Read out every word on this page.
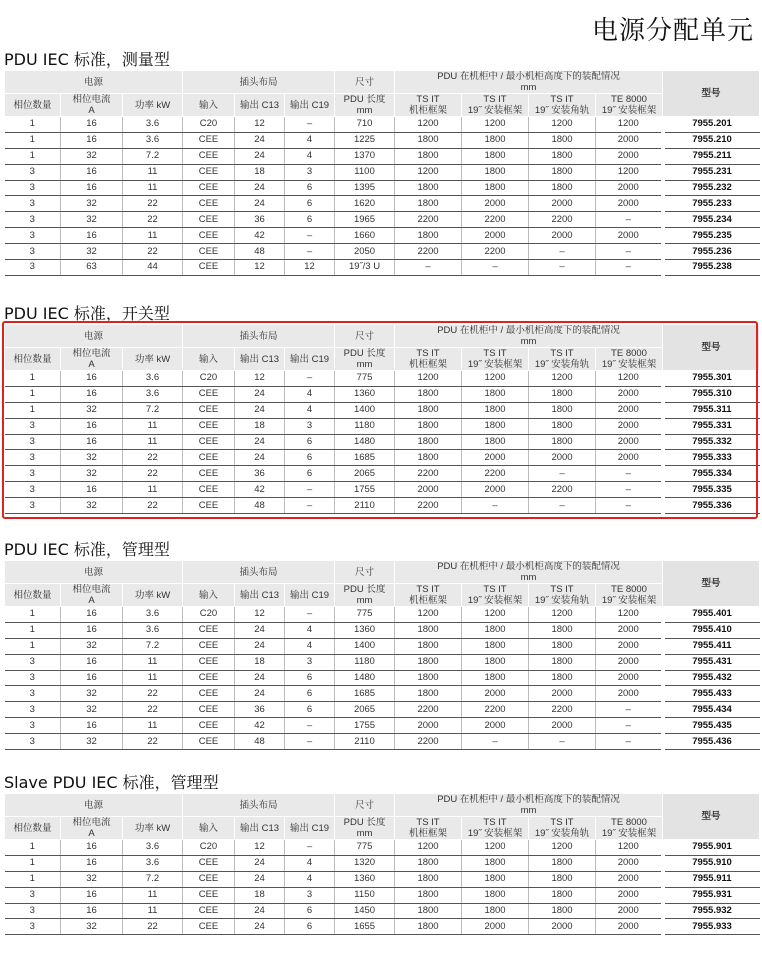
电源分配单元
PDU IEC 标准，测量型
电源			插头布局			尺寸	PDU 在机柜中 / 最小机柜高度下的装配情况
mm				型号
相位数量	相位电流
A	功率 kW	输入	输出 C13	输出 C19	PDU 长度
mm	TS IT
机柜框架	TS IT
19˝ 安装框架	TS IT
19˝ 安装角轨	TE 8000
19˝ 安装框架	

1	16	3.6	C20	12	–	710	1200	1200	1200	1200	7955.201
1	16	3.6	CEE	24	4	1225	1800	1800	1800	2000	7955.210
1	32	7.2	CEE	24	4	1370	1800	1800	1800	2000	7955.211
3	16	11	CEE	18	3	1100	1200	1800	1800	1200	7955.231
3	16	11	CEE	24	6	1395	1800	1800	1800	2000	7955.232
3	32	22	CEE	24	6	1620	1800	2000	2000	2000	7955.233
3	32	22	CEE	36	6	1965	2200	2200	2200	–	7955.234
3	16	11	CEE	42	–	1660	1800	2000	2000	2000	7955.235
3	32	22	CEE	48	–	2050	2200	2200	–	–	7955.236
3	63	44	CEE	12	12	19˝/3 U	–	–	–	–	7955.238
PDU IEC 标准，开关型
电源			插头布局			尺寸	PDU 在机柜中 / 最小机柜高度下的装配情况
mm				型号
相位数量	相位电流
A	功率 kW	输入	输出 C13	输出 C19	PDU 长度
mm	TS IT
机柜框架	TS IT
19˝ 安装框架	TS IT
19˝ 安装角轨	TE 8000
19˝ 安装框架	

1	16	3.6	C20	12	–	775	1200	1200	1200	1200	7955.301
1	16	3.6	CEE	24	4	1360	1800	1800	1800	2000	7955.310
1	32	7.2	CEE	24	4	1400	1800	1800	1800	2000	7955.311
3	16	11	CEE	18	3	1180	1800	1800	1800	2000	7955.331
3	16	11	CEE	24	6	1480	1800	1800	1800	2000	7955.332
3	32	22	CEE	24	6	1685	1800	2000	2000	2000	7955.333
3	32	22	CEE	36	6	2065	2200	2200	–	–	7955.334
3	16	11	CEE	42	–	1755	2000	2000	2200	–	7955.335
3	32	22	CEE	48	–	2110	2200	–	–	–	7955.336
PDU IEC 标准，管理型
电源			插头布局			尺寸	PDU 在机柜中 / 最小机柜高度下的装配情况
mm				型号
相位数量	相位电流
A	功率 kW	输入	输出 C13	输出 C19	PDU 长度
mm	TS IT
机柜框架	TS IT
19˝ 安装框架	TS IT
19˝ 安装角轨	TE 8000
19˝ 安装框架	

1	16	3.6	C20	12	–	775	1200	1200	1200	1200	7955.401
1	16	3.6	CEE	24	4	1360	1800	1800	1800	2000	7955.410
1	32	7.2	CEE	24	4	1400	1800	1800	1800	2000	7955.411
3	16	11	CEE	18	3	1180	1800	1800	1800	2000	7955.431
3	16	11	CEE	24	6	1480	1800	1800	1800	2000	7955.432
3	32	22	CEE	24	6	1685	1800	2000	2000	2000	7955.433
3	32	22	CEE	36	6	2065	2200	2200	2200	–	7955.434
3	16	11	CEE	42	–	1755	2000	2000	2000	–	7955.435
3	32	22	CEE	48	–	2110	2200	–	–	–	7955.436
Slave PDU IEC 标准，管理型
电源			插头布局			尺寸	PDU 在机柜中 / 最小机柜高度下的装配情况
mm				型号
相位数量	相位电流
A	功率 kW	输入	输出 C13	输出 C19	PDU 长度
mm	TS IT
机柜框架	TS IT
19˝ 安装框架	TS IT
19˝ 安装角轨	TE 8000
19˝ 安装框架	

1	16	3.6	C20	12	–	775	1200	1200	1200	1200	7955.901
1	16	3.6	CEE	24	4	1320	1800	1800	1800	2000	7955.910
1	32	7.2	CEE	24	4	1360	1800	1800	1800	2000	7955.911
3	16	11	CEE	18	3	1150	1800	1800	1800	2000	7955.931
3	16	11	CEE	24	6	1450	1800	1800	1800	2000	7955.932
3	32	22	CEE	24	6	1655	1800	2000	2000	2000	7955.933
